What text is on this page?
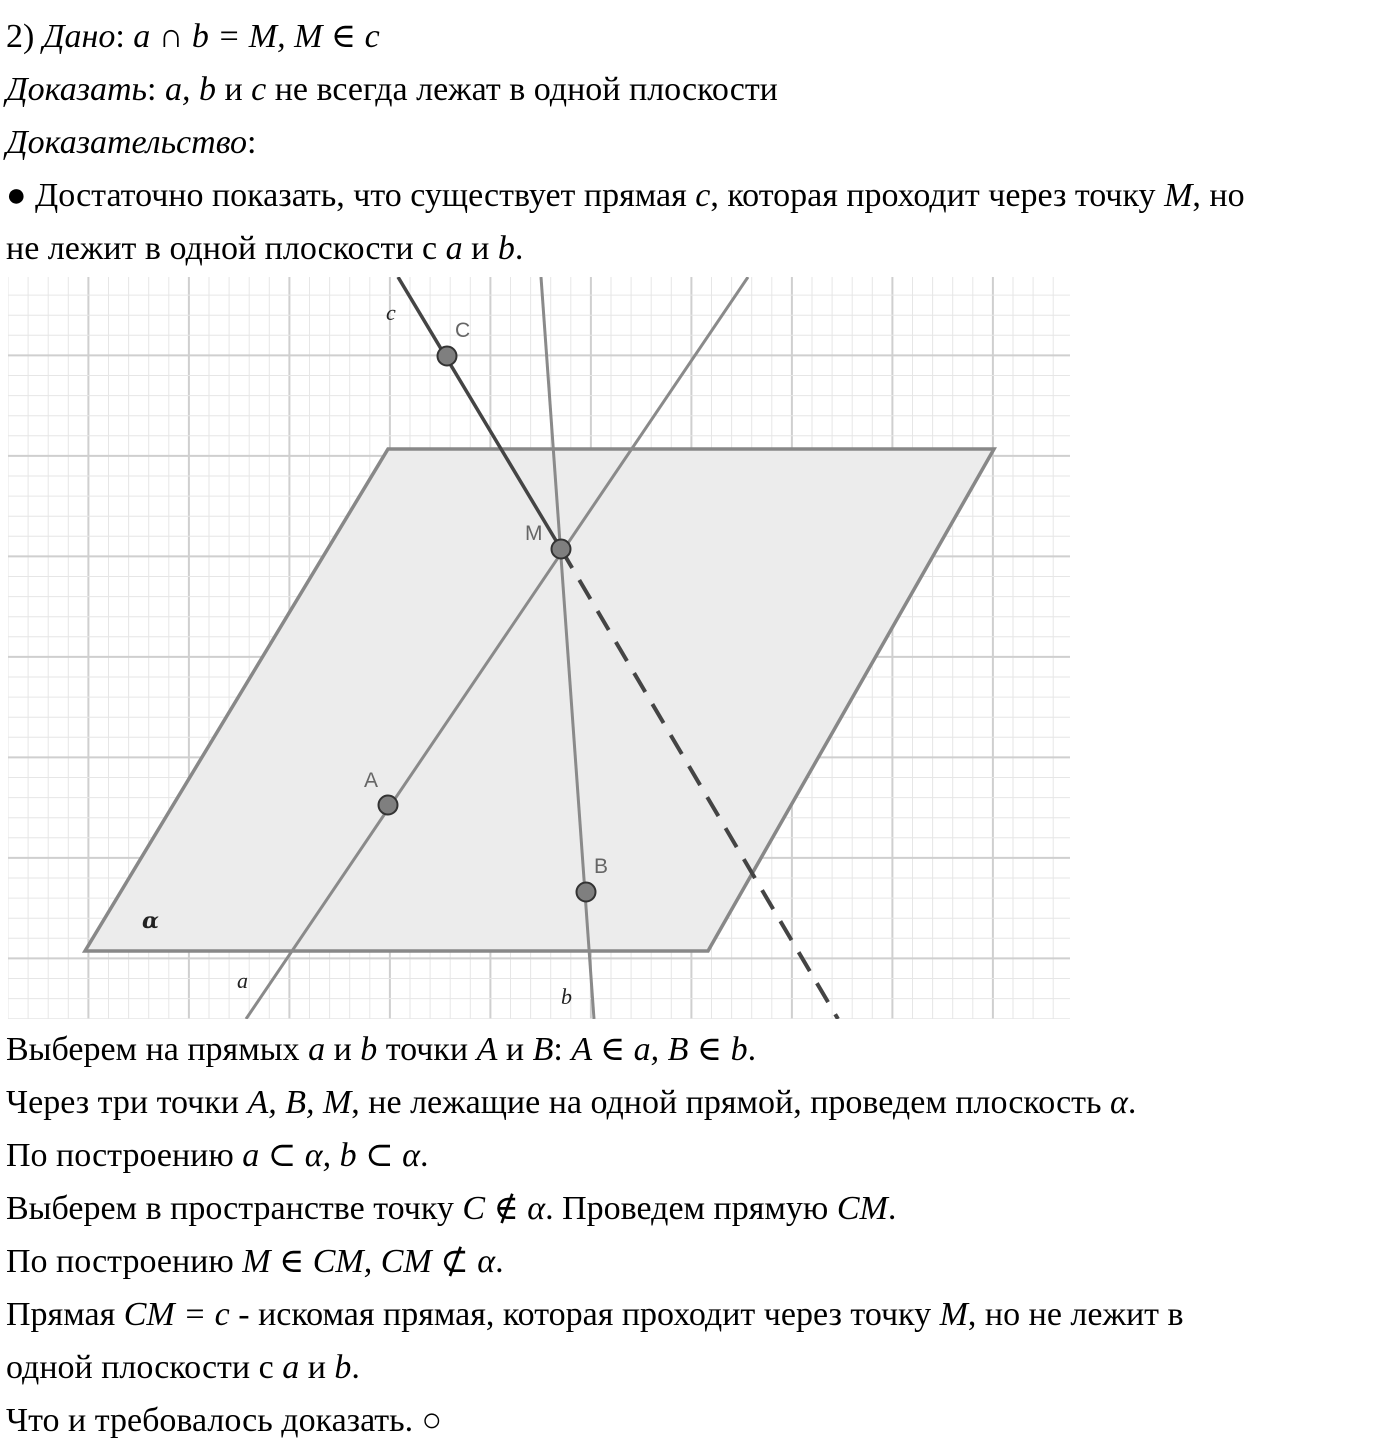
2) Дано: a ∩ b = M, M ∈ c
Доказать: a, b и c не всегда лежат в одной плоскости
Доказательство:
● Достаточно показать, что существует прямая c, которая проходит через точку M, но
не лежит в одной плоскости с a и b.
c
C
M
A
B
α
a
b
Выберем на прямых a и b точки A и B: A ∈ a, B ∈ b.
Через три точки A, B, M, не лежащие на одной прямой, проведем плоскость α.
По построению a ⊂ α, b ⊂ α.
Выберем в пространстве точку C ∉ α. Проведем прямую CM.
По построению M ∈ CM, CM ⊄ α.
Прямая CM = c - искомая прямая, которая проходит через точку M, но не лежит в
одной плоскости с a и b.
Что и требовалось доказать. ○
